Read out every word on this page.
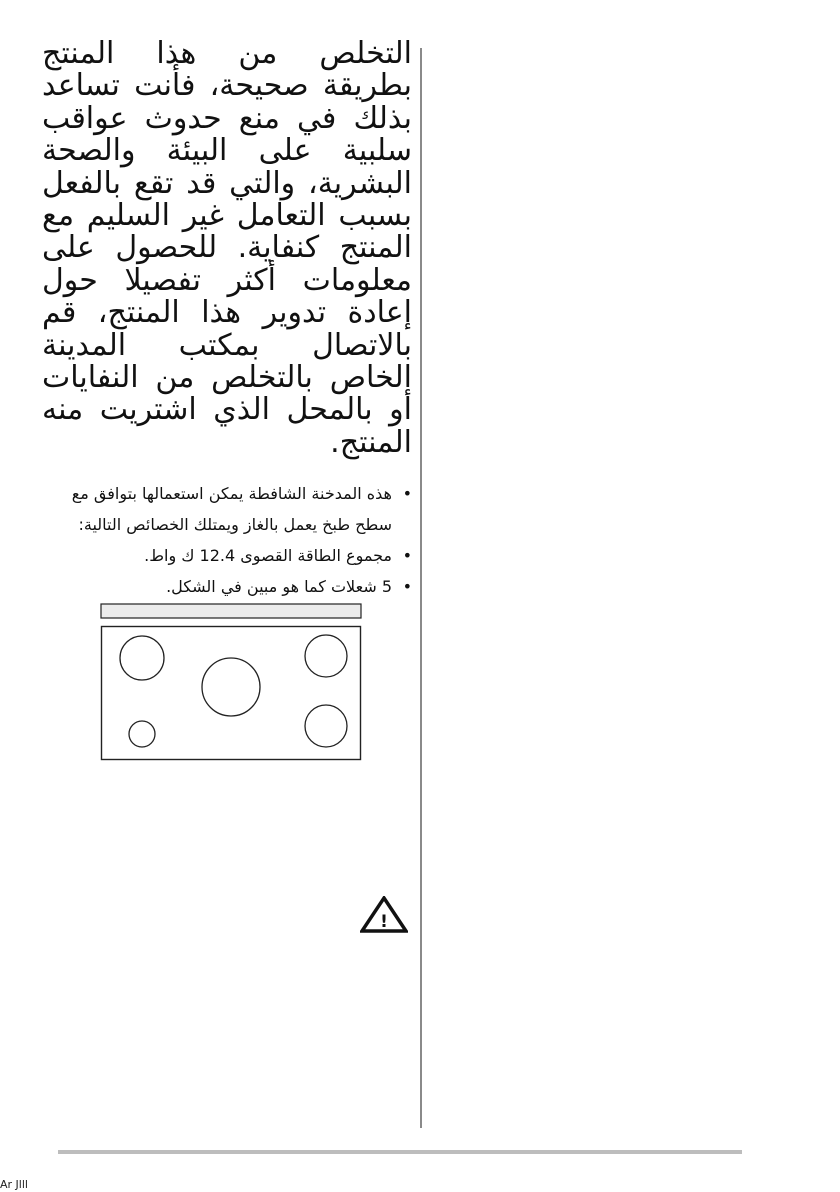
التخلص من هذا المنتج بطريقة صحيحة، فأنت تساعد بذلك في منع حدوث عواقب سلبية على البيئة والصحة البشرية، والتي قد تقع بالفعل بسبب التعامل غير السليم مع المنتج كنفاية. للحصول على معلومات أكثر تفصيلا حول إعادة تدوير هذا المنتج، قم بالاتصال بمكتب المدينة الخاص بالتخلص من النفايات أو بالمحل الذي اشتريت منه المنتج.

•
هذه المدخنة الشافطة يمكن استعمالها بتوافق مع سطح طبخ يعمل بالغاز ويمتلك الخصائص التالية:
•
مجموع الطاقة القصوى 12.4 ك واط.
•
5 شعلات كما هو مبين في الشكل.
!
Ar Jlll
